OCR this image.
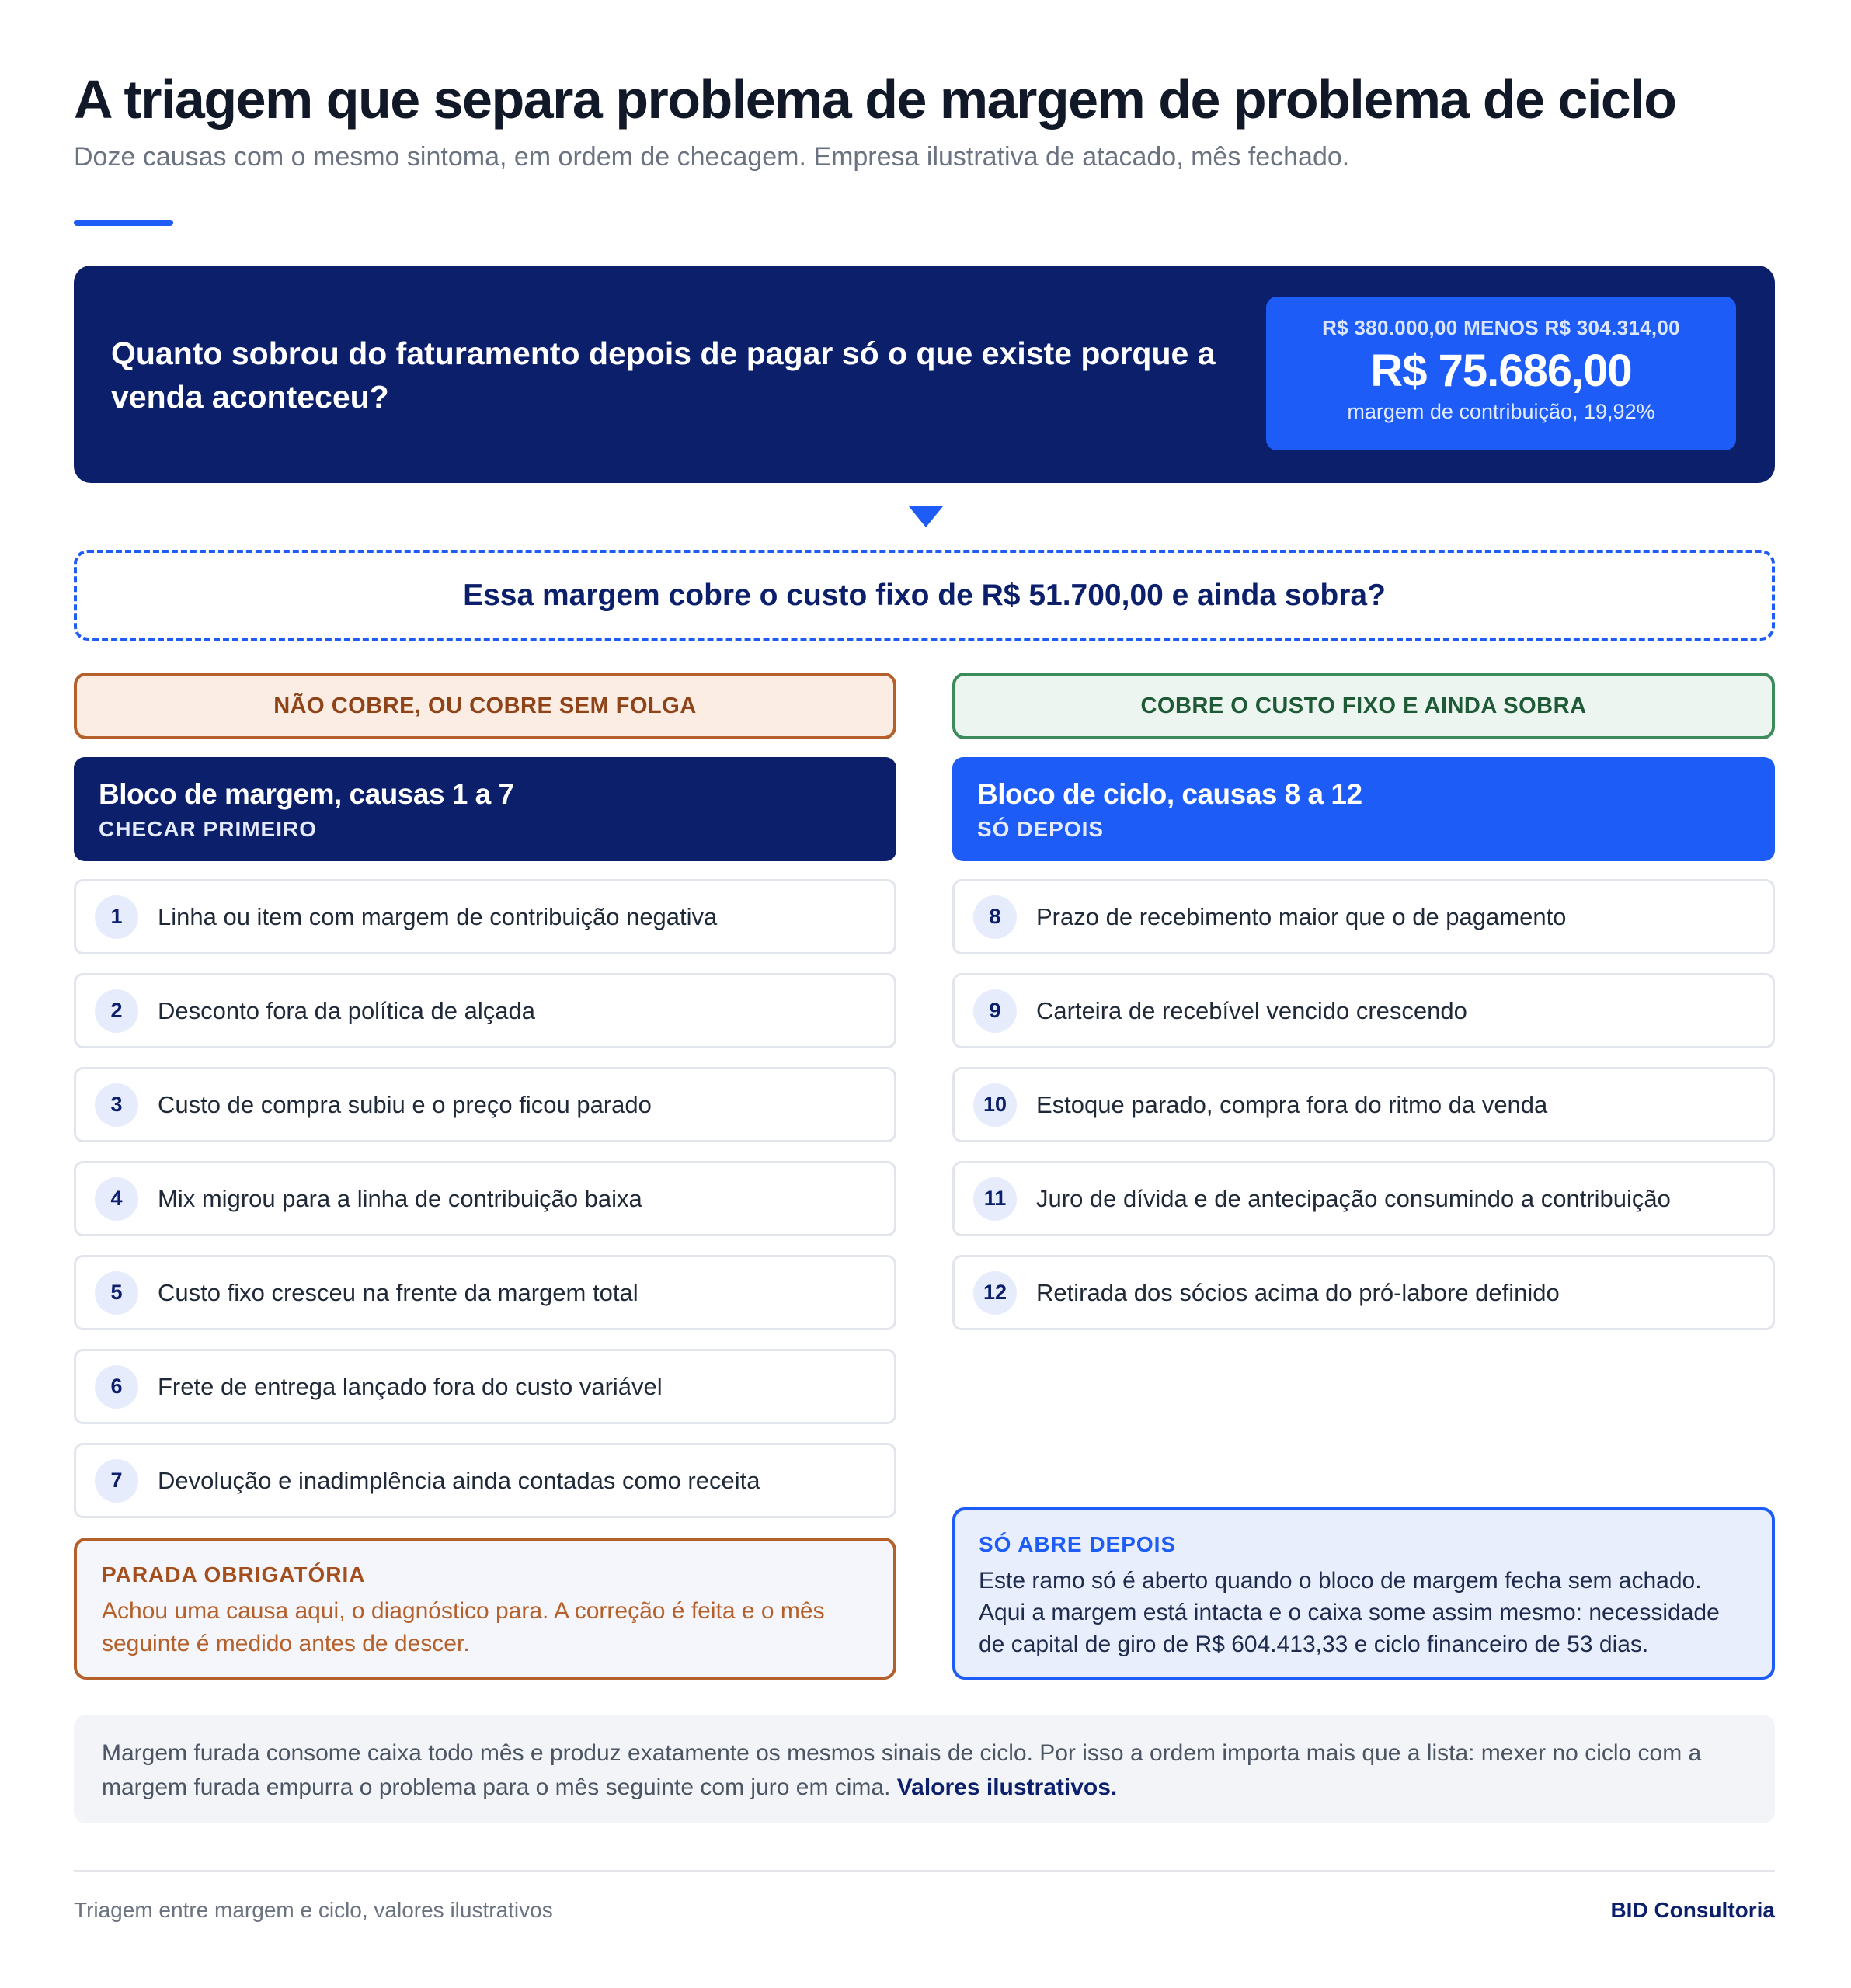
A triagem que separa problema de margem de problema de ciclo

Doze causas com o mesmo sintoma, em ordem de checagem. Empresa ilustrativa de atacado, mês fechado.

Quanto sobrou do faturamento depois de pagar só o que existe porque a venda aconteceu?

R$ 380.000,00 MENOS R$ 304.314,00
R$ 75.686,00
margem de contribuição, 19,92%
Essa margem cobre o custo fixo de R$ 51.700,00 e ainda sobra?
NÃO COBRE, OU COBRE SEM FOLGA
Bloco de margem, causas 1 a 7
CHECAR PRIMEIRO
1	Linha ou item com margem de contribuição negativa
2	Desconto fora da política de alçada
3	Custo de compra subiu e o preço ficou parado
4	Mix migrou para a linha de contribuição baixa
5	Custo fixo cresceu na frente da margem total
6	Frete de entrega lançado fora do custo variável
7	Devolução e inadimplência ainda contadas como receita
COBRE O CUSTO FIXO E AINDA SOBRA
Bloco de ciclo, causas 8 a 12
SÓ DEPOIS
8	Prazo de recebimento maior que o de pagamento
9	Carteira de recebível vencido crescendo
10	Estoque parado, compra fora do ritmo da venda
11	Juro de dívida e de antecipação consumindo a contribuição
12	Retirada dos sócios acima do pró-labore definido
PARADA OBRIGATÓRIA
Achou uma causa aqui, o diagnóstico para. A correção é feita e o mês seguinte é medido antes de descer.
SÓ ABRE DEPOIS
Este ramo só é aberto quando o bloco de margem fecha sem achado. Aqui a margem está intacta e o caixa some assim mesmo: necessidade de capital de giro de R$ 604.413,33 e ciclo financeiro de 53 dias.
Margem furada consome caixa todo mês e produz exatamente os mesmos sinais de ciclo. Por isso a ordem importa mais que a lista: mexer no ciclo com a margem furada empurra o problema para o mês seguinte com juro em cima. Valores ilustrativos.
Triagem entre margem e ciclo, valores ilustrativos	BID Consultoria
